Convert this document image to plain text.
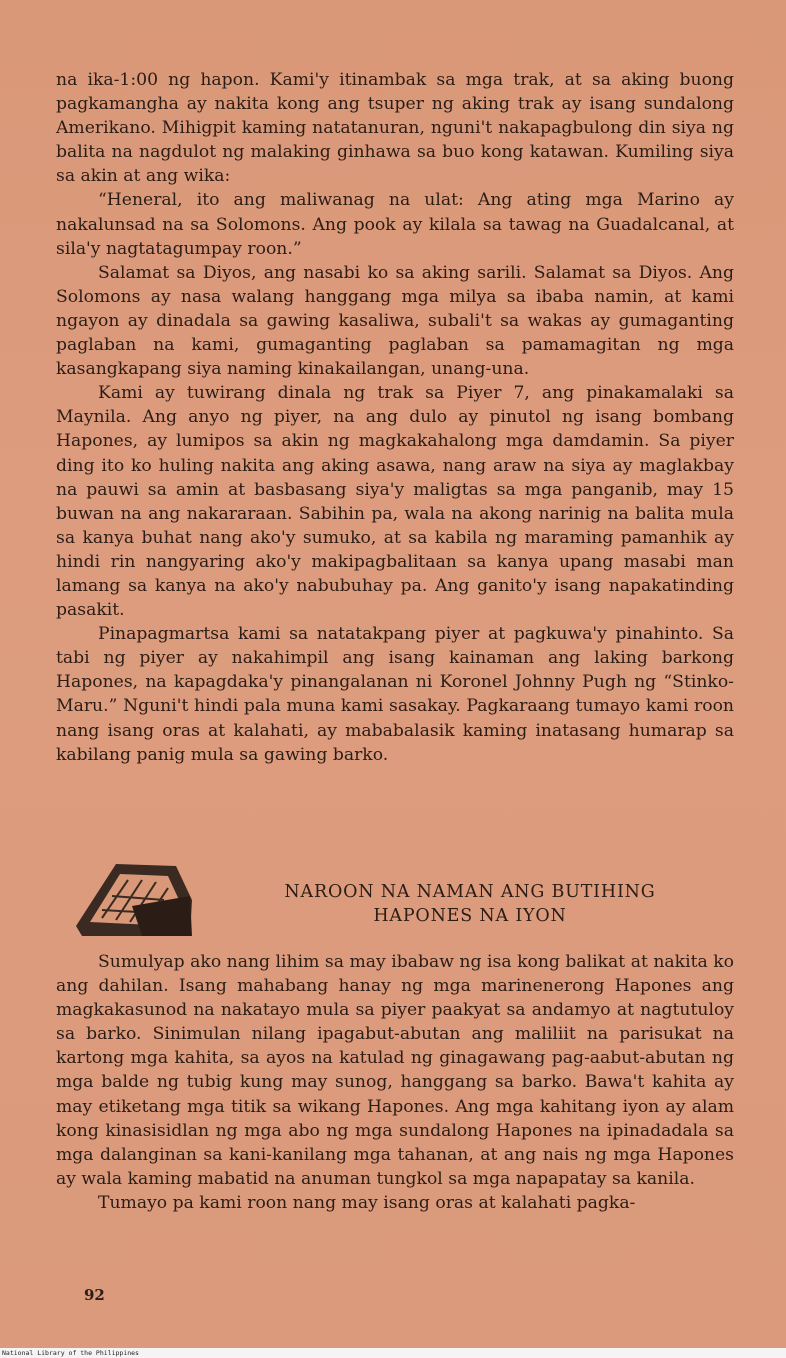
na ika-1:00 ng hapon. Kami'y itinambak sa mga trak, at sa aking buong pagkamangha ay nakita kong ang tsuper ng aking trak ay isang sundalong Amerikano. Mihigpit kaming natatanuran, nguni't nakapagbulong din siya ng balita na nagdulot ng malaking ginhawa sa buo kong katawan. Kumiling siya sa akin at ang wika:

“Heneral, ito ang maliwanag na ulat: Ang ating mga Marino ay nakalunsad na sa Solomons. Ang pook ay kilala sa tawag na Guadalcanal, at sila'y nagtatagumpay roon.”

Salamat sa Diyos, ang nasabi ko sa aking sarili. Salamat sa Diyos. Ang Solomons ay nasa walang hanggang mga milya sa ibaba namin, at kami ngayon ay dinadala sa gawing kasaliwa, subali't sa wakas ay gumaganting paglaban na kami, gumaganting paglaban sa pamamagitan ng mga kasangkapang siya naming kinakailangan, unang-una.

Kami ay tuwirang dinala ng trak sa Piyer 7, ang pinakamalaki sa Maynila. Ang anyo ng piyer, na ang dulo ay pinutol ng isang bombang Hapones, ay lumipos sa akin ng magkakahalong mga damdamin. Sa piyer ding ito ko huling nakita ang aking asawa, nang araw na siya ay maglakbay na pauwi sa amin at basbasang siya'y maligtas sa mga panganib, may 15 buwan na ang nakararaan. Sabihin pa, wala na akong narinig na balita mula sa kanya buhat nang ako'y sumuko, at sa kabila ng maraming pamanhik ay hindi rin nangyaring ako'y makipagbalitaan sa kanya upang masabi man lamang sa kanya na ako'y nabubuhay pa. Ang ganito'y isang napakatinding pasakit.

Pinapagmartsa kami sa natatakpang piyer at pagkuwa'y pinahinto. Sa tabi ng piyer ay nakahimpil ang isang kainaman ang laking barkong Hapones, na kapagdaka'y pinangalanan ni Koronel Johnny Pugh ng “Stinko-Maru.” Nguni't hindi pala muna kami sasakay. Pagkaraang tumayo kami roon nang isang oras at kalahati, ay mababalasik kaming inatasang humarap sa kabilang panig mula sa gawing barko.

NAROON NA NAMAN ANG BUTIHING
HAPONES NA IYON

Sumulyap ako nang lihim sa may ibabaw ng isa kong balikat at nakita ko ang dahilan. Isang mahabang hanay ng mga marinenerong Hapones ang magkakasunod na nakatayo mula sa piyer paakyat sa andamyo at nagtutuloy sa barko. Sinimulan nilang ipagabut-abutan ang maliliit na parisukat na kartong mga kahita, sa ayos na katulad ng ginagawang pag-aabut-abutan ng mga balde ng tubig kung may sunog, hanggang sa barko. Bawa't kahita ay may etiketang mga titik sa wikang Hapones. Ang mga kahitang iyon ay alam kong kinasisidlan ng mga abo ng mga sundalong Hapones na ipinadadala sa mga dalanginan sa kani-kanilang mga tahanan, at ang nais ng mga Hapones ay wala kaming mabatid na anuman tungkol sa mga napapatay sa kanila.

Tumayo pa kami roon nang may isang oras at kalahati pagka-

92
National Library of the Philippines
